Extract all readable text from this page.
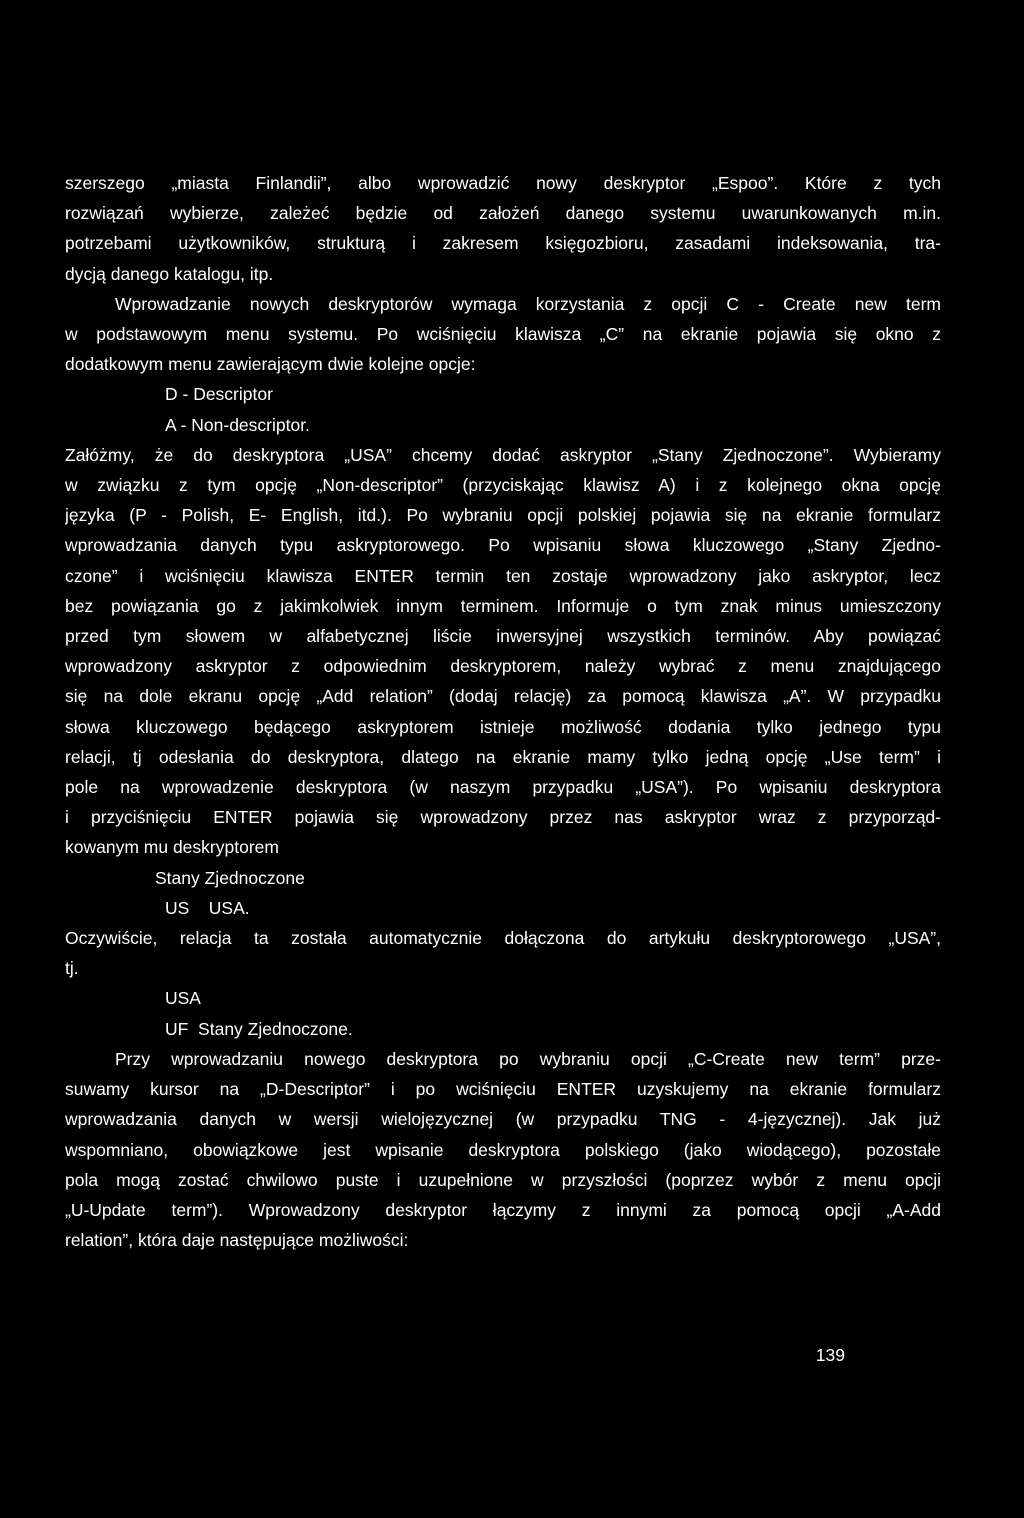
szerszego „miasta Finlandii”, albo wprowadzić nowy deskryptor „Espoo”. Które z tych
rozwiązań wybierze, zależeć będzie od założeń danego systemu uwarunkowanych m.in.
potrzebami użytkowników, strukturą i zakresem księgozbioru, zasadami indeksowania, tra-
dycją danego katalogu, itp.
Wprowadzanie nowych deskryptorów wymaga korzystania z opcji C - Create new term
w podstawowym menu systemu. Po wciśnięciu klawisza „C” na ekranie pojawia się okno z
dodatkowym menu zawierającym dwie kolejne opcje:
D - Descriptor
A - Non-descriptor.
Załóżmy, że do deskryptora „USA” chcemy dodać askryptor „Stany Zjednoczone”. Wybieramy
w związku z tym opcję „Non-descriptor” (przyciskając klawisz A) i z kolejnego okna opcję
języka (P - Polish, E- English, itd.). Po wybraniu opcji polskiej pojawia się na ekranie formularz
wprowadzania danych typu askryptorowego. Po wpisaniu słowa kluczowego „Stany Zjedno-
czone” i wciśnięciu klawisza ENTER termin ten zostaje wprowadzony jako askryptor, lecz
bez powiązania go z jakimkolwiek innym terminem. Informuje o tym znak minus umieszczony
przed tym słowem w alfabetycznej liście inwersyjnej wszystkich terminów. Aby powiązać
wprowadzony askryptor z odpowiednim deskryptorem, należy wybrać z menu znajdującego
się na dole ekranu opcję „Add relation” (dodaj relację) za pomocą klawisza „A”. W przypadku
słowa kluczowego będącego askryptorem istnieje możliwość dodania tylko jednego typu
relacji, tj odesłania do deskryptora, dlatego na ekranie mamy tylko jedną opcję „Use term” i
pole na wprowadzenie deskryptora (w naszym przypadku „USA”). Po wpisaniu deskryptora
i przyciśnięciu ENTER pojawia się wprowadzony przez nas askryptor wraz z przyporząd-
kowanym mu deskryptorem
Stany Zjednoczone
US    USA.
Oczywiście, relacja ta została automatycznie dołączona do artykułu deskryptorowego „USA”,
tj.
USA
UF  Stany Zjednoczone.
Przy wprowadzaniu nowego deskryptora po wybraniu opcji „C-Create new term” prze-
suwamy kursor na „D-Descriptor” i po wciśnięciu ENTER uzyskujemy na ekranie formularz
wprowadzania danych w wersji wielojęzycznej (w przypadku TNG - 4-języcznej). Jak już
wspomniano, obowiązkowe jest wpisanie deskryptora polskiego (jako wiodącego), pozostałe
pola mogą zostać chwilowo puste i uzupełnione w przyszłości (poprzez wybór z menu opcji
„U-Update term”). Wprowadzony deskryptor łączymy z innymi za pomocą opcji „A-Add
relation”, która daje następujące możliwości:
139
